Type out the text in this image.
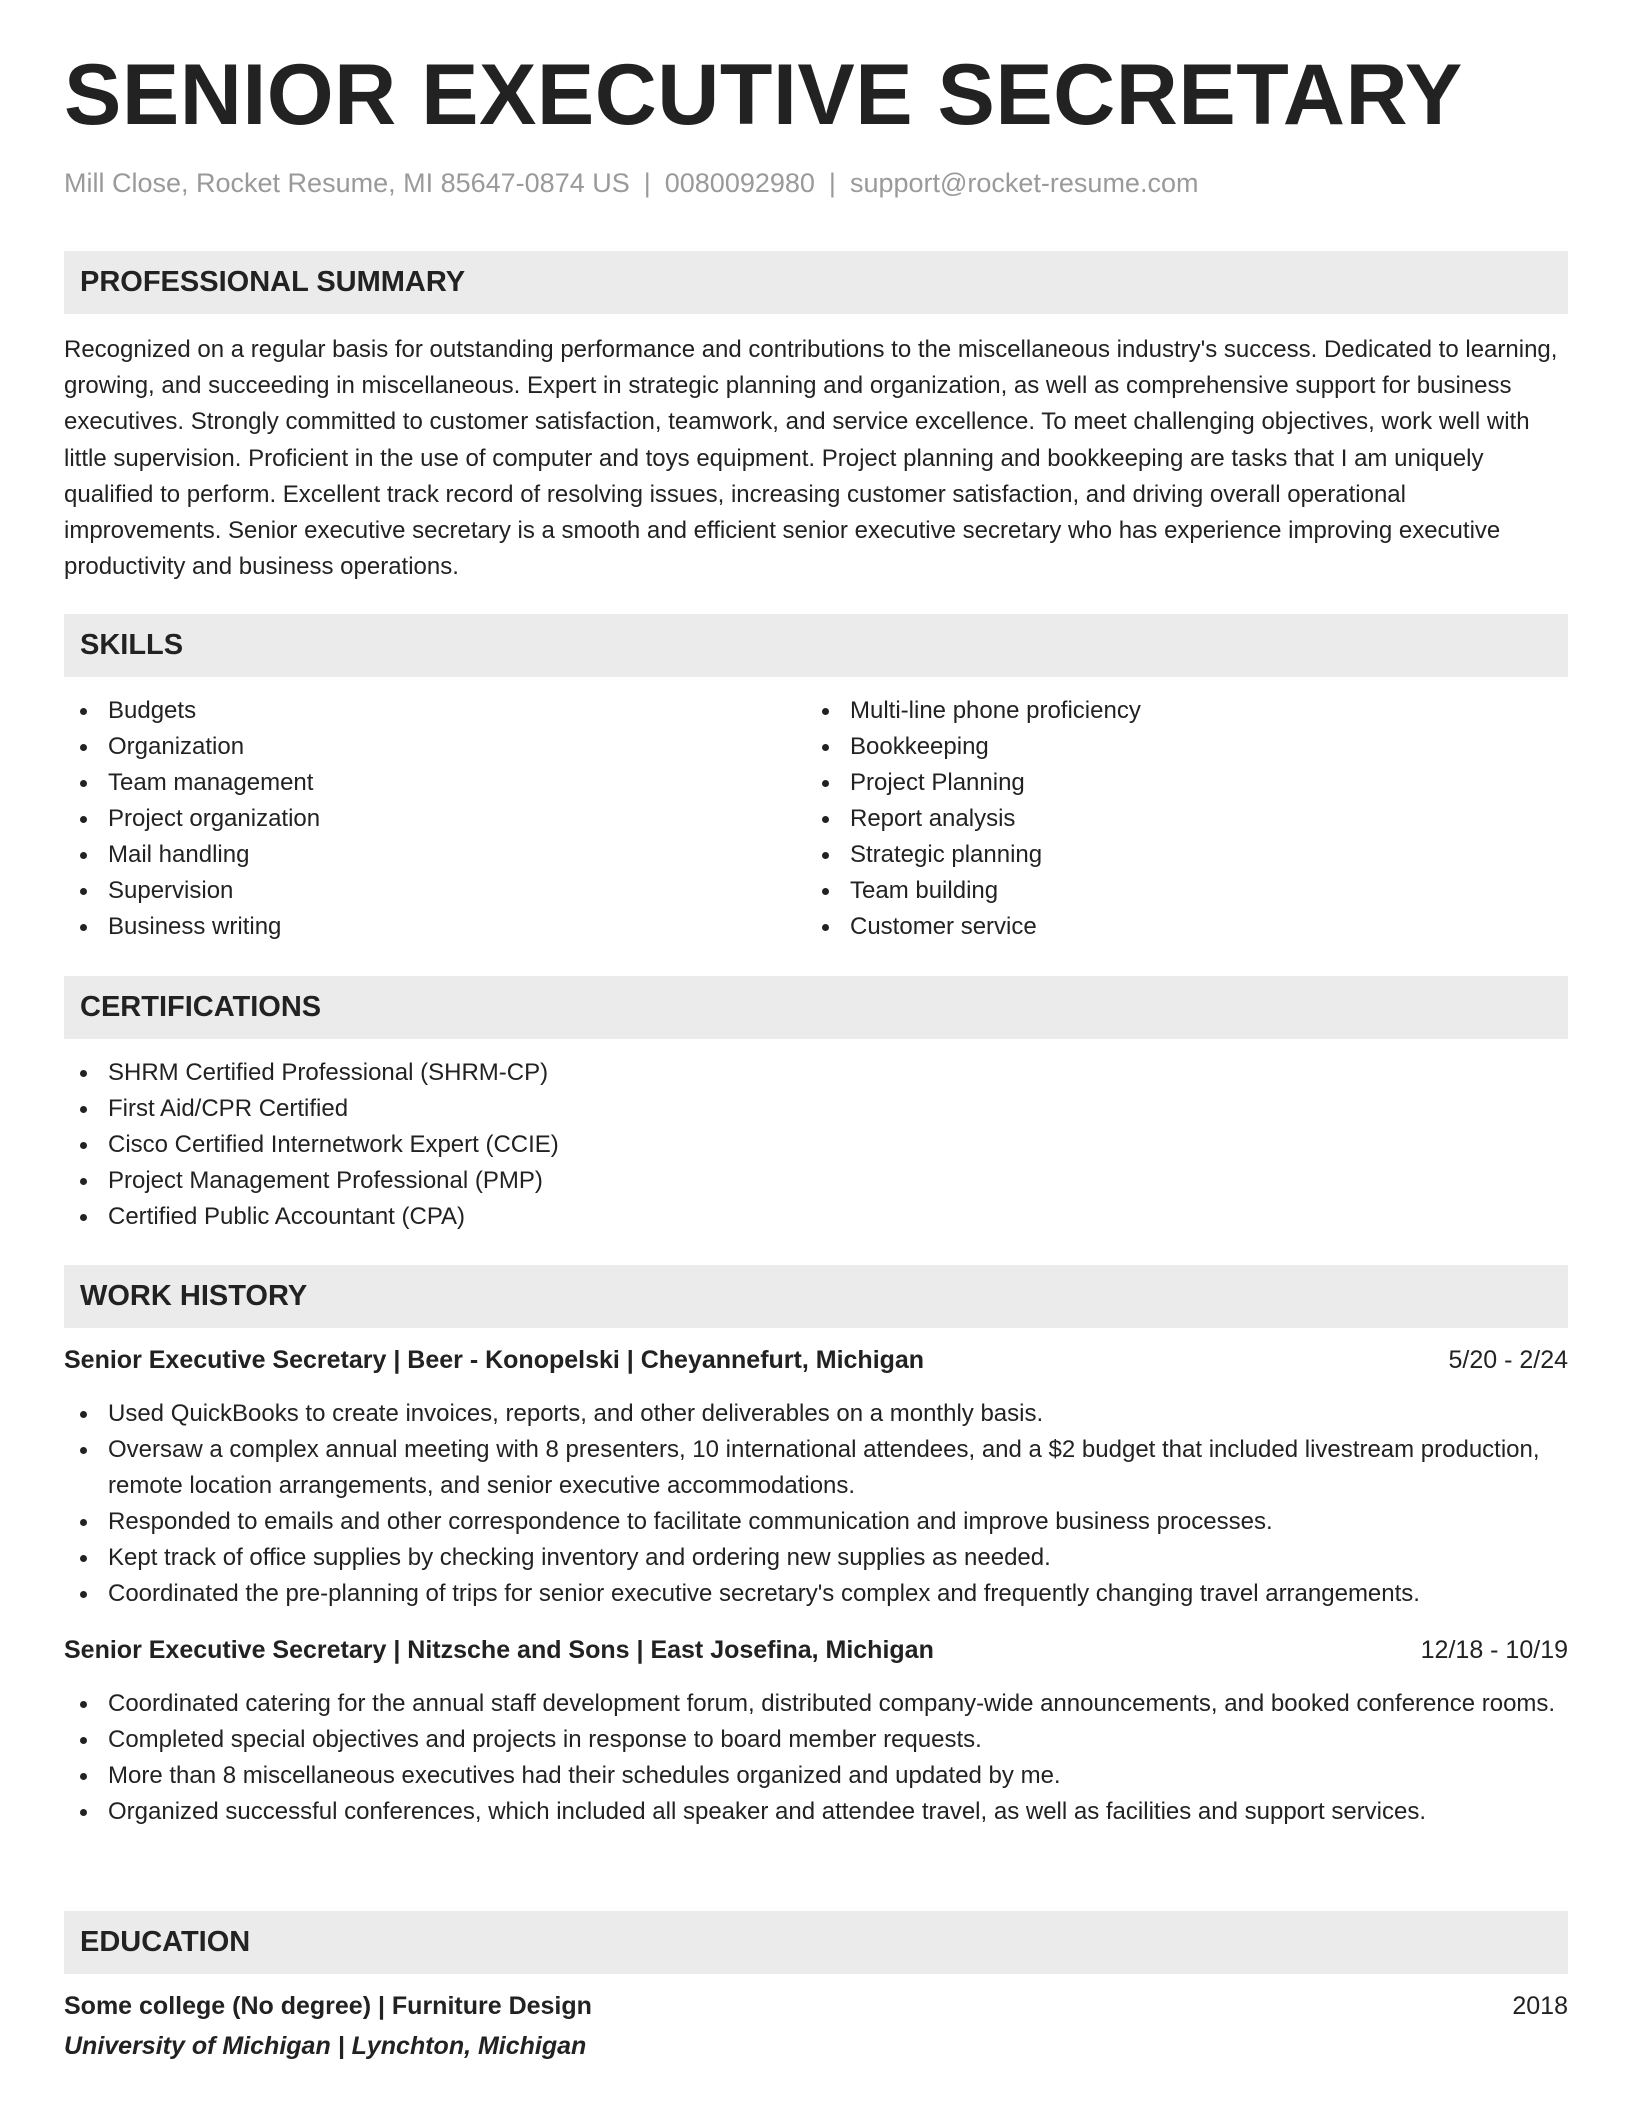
SENIOR EXECUTIVE SECRETARY
Mill Close, Rocket Resume, MI 85647-0874 US | 0080092980 | support@rocket-resume.com
PROFESSIONAL SUMMARY
Recognized on a regular basis for outstanding performance and contributions to the miscellaneous industry's success. Dedicated to learning, growing, and succeeding in miscellaneous. Expert in strategic planning and organization, as well as comprehensive support for business executives. Strongly committed to customer satisfaction, teamwork, and service excellence. To meet challenging objectives, work well with little supervision. Proficient in the use of computer and toys equipment. Project planning and bookkeeping are tasks that I am uniquely qualified to perform. Excellent track record of resolving issues, increasing customer satisfaction, and driving overall operational improvements. Senior executive secretary is a smooth and efficient senior executive secretary who has experience improving executive productivity and business operations.
SKILLS
Budgets
Organization
Team management
Project organization
Mail handling
Supervision
Business writing
Multi-line phone proficiency
Bookkeeping
Project Planning
Report analysis
Strategic planning
Team building
Customer service
CERTIFICATIONS
SHRM Certified Professional (SHRM-CP)
First Aid/CPR Certified
Cisco Certified Internetwork Expert (CCIE)
Project Management Professional (PMP)
Certified Public Accountant (CPA)
WORK HISTORY
Senior Executive Secretary | Beer - Konopelski | Cheyannefurt, Michigan	5/20 - 2/24
Used QuickBooks to create invoices, reports, and other deliverables on a monthly basis.
Oversaw a complex annual meeting with 8 presenters, 10 international attendees, and a $2 budget that included livestream production, remote location arrangements, and senior executive accommodations.
Responded to emails and other correspondence to facilitate communication and improve business processes.
Kept track of office supplies by checking inventory and ordering new supplies as needed.
Coordinated the pre-planning of trips for senior executive secretary's complex and frequently changing travel arrangements.
Senior Executive Secretary | Nitzsche and Sons | East Josefina, Michigan	12/18 - 10/19
Coordinated catering for the annual staff development forum, distributed company-wide announcements, and booked conference rooms.
Completed special objectives and projects in response to board member requests.
More than 8 miscellaneous executives had their schedules organized and updated by me.
Organized successful conferences, which included all speaker and attendee travel, as well as facilities and support services.
EDUCATION
Some college (No degree) | Furniture Design	2018
University of Michigan | Lynchton, Michigan
